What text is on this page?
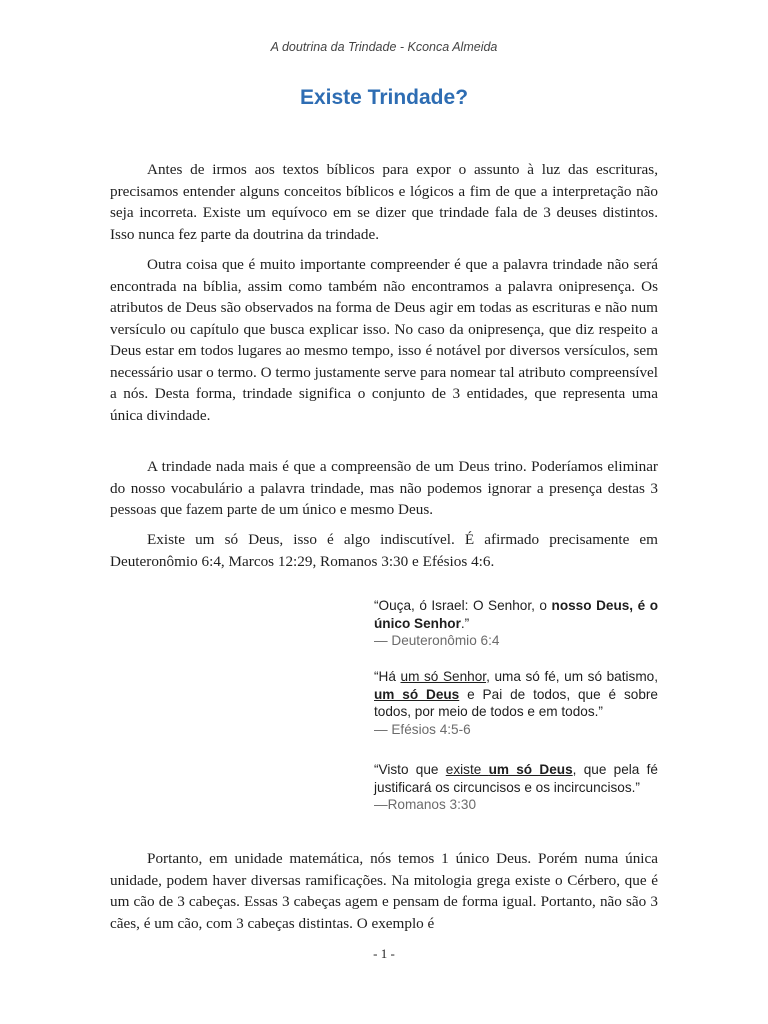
A doutrina da Trindade - Kconca Almeida
Existe Trindade?

Antes de irmos aos textos bíblicos para expor o assunto à luz das escrituras, precisamos entender alguns conceitos bíblicos e lógicos a fim de que a interpretação não seja incorreta. Existe um equívoco em se dizer que trindade fala de 3 deuses distintos. Isso nunca fez parte da doutrina da trindade.

Outra coisa que é muito importante compreender é que a palavra trindade não será encontrada na bíblia, assim como também não encontramos a palavra onipresença. Os atributos de Deus são observados na forma de Deus agir em todas as escrituras e não num versículo ou capítulo que busca explicar isso. No caso da onipresença, que diz respeito a Deus estar em todos lugares ao mesmo tempo, isso é notável por diversos versículos, sem necessário usar o termo. O termo justamente serve para nomear tal atributo compreensível a nós. Desta forma, trindade significa o conjunto de 3 entidades, que representa uma única divindade.

A trindade nada mais é que a compreensão de um Deus trino. Poderíamos eliminar do nosso vocabulário a palavra trindade, mas não podemos ignorar a presença destas 3 pessoas que fazem parte de um único e mesmo Deus.

Existe um só Deus, isso é algo indiscutível. É afirmado precisamente em Deuteronômio 6:4, Marcos 12:29, Romanos 3:30 e Efésios 4:6.

“Ouça, ó Israel: O Senhor, o nosso Deus, é o único Senhor.”

— Deuteronômio 6:4

“Há um só Senhor, uma só fé, um só batismo, um só Deus e Pai de todos, que é sobre todos, por meio de todos e em todos.”

— Efésios 4:5-6

“Visto que existe um só Deus, que pela fé justificará os circuncisos e os incircuncisos.”

—Romanos 3:30

Portanto, em unidade matemática, nós temos 1 único Deus. Porém numa única unidade, podem haver diversas ramificações. Na mitologia grega existe o Cérbero, que é um cão de 3 cabeças. Essas 3 cabeças agem e pensam de forma igual. Portanto, não são 3 cães, é um cão, com 3 cabeças distintas. O exemplo é

- 1 -
